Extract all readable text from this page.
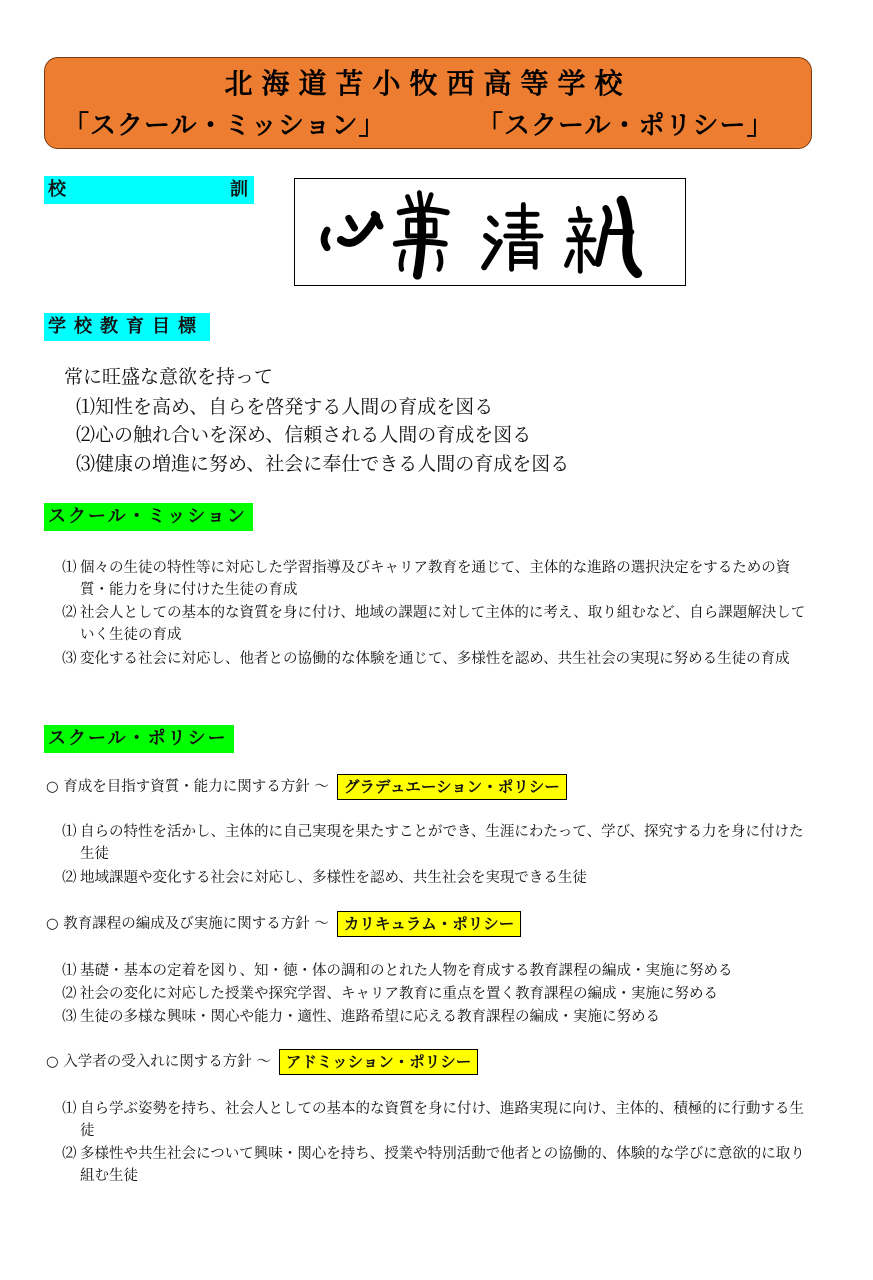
北海道苫小牧西高等学校
「スクール・ミッション」	「スクール・ポリシー」
校	訓
学校教育目標
常に旺盛な意欲を持って
⑴知性を高め、自らを啓発する人間の育成を図る
⑵心の触れ合いを深め、信頼される人間の育成を図る
⑶健康の増進に努め、社会に奉仕できる人間の育成を図る
スクール・ミッション
⑴ 個々の生徒の特性等に対応した学習指導及びキャリア教育を通じて、主体的な進路の選択決定をするための資質・能力を身に付けた生徒の育成
⑵ 社会人としての基本的な資質を身に付け、地域の課題に対して主体的に考え、取り組むなど、自ら課題解決していく生徒の育成
⑶ 変化する社会に対応し、他者との協働的な体験を通じて、多様性を認め、共生社会の実現に努める生徒の育成
スクール・ポリシー
○ 育成を目指す資質・能力に関する方針 ～ グラデュエーション・ポリシー
⑴ 自らの特性を活かし、主体的に自己実現を果たすことができ、生涯にわたって、学び、探究する力を身に付けた生徒
⑵ 地域課題や変化する社会に対応し、多様性を認め、共生社会を実現できる生徒
○ 教育課程の編成及び実施に関する方針 ～ カリキュラム・ポリシー
⑴ 基礎・基本の定着を図り、知・徳・体の調和のとれた人物を育成する教育課程の編成・実施に努める
⑵ 社会の変化に対応した授業や探究学習、キャリア教育に重点を置く教育課程の編成・実施に努める
⑶ 生徒の多様な興味・関心や能力・適性、進路希望に応える教育課程の編成・実施に努める
○ 入学者の受入れに関する方針 ～ アドミッション・ポリシー
⑴ 自ら学ぶ姿勢を持ち、社会人としての基本的な資質を身に付け、進路実現に向け、主体的、積極的に行動する生徒
⑵ 多様性や共生社会について興味・関心を持ち、授業や特別活動で他者との協働的、体験的な学びに意欲的に取り組む生徒
